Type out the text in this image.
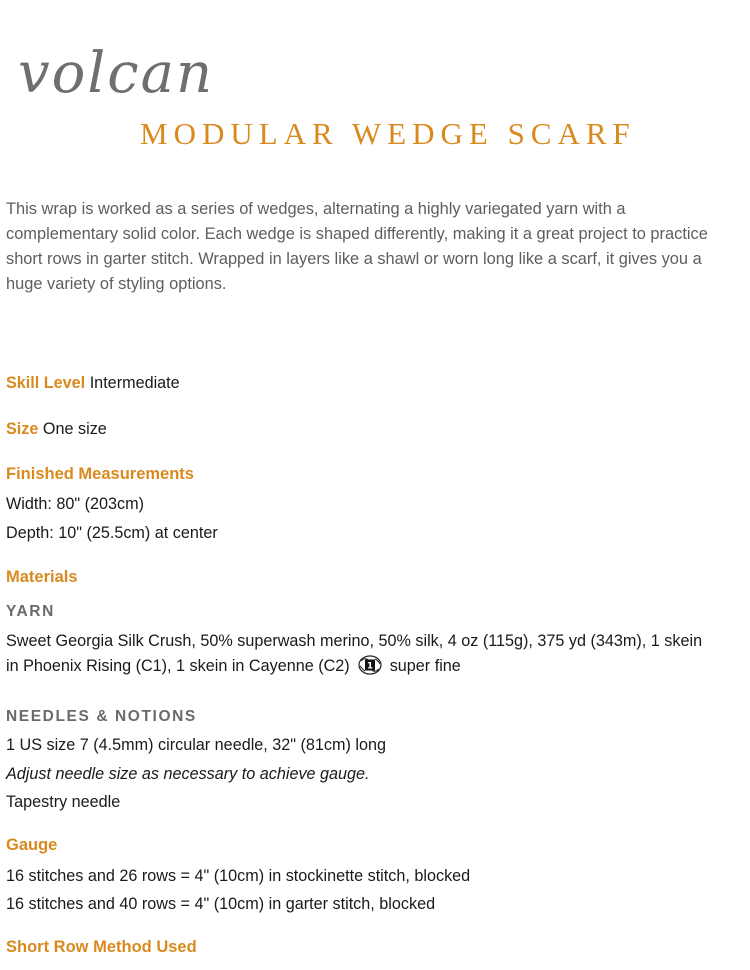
volcan
MODULAR WEDGE SCARF
This wrap is worked as a series of wedges, alternating a highly variegated yarn with a complementary solid color. Each wedge is shaped differently, making it a great project to practice short rows in garter stitch. Wrapped in layers like a shawl or worn long like a scarf, it gives you a huge variety of styling options.
Skill Level Intermediate
Size One size
Finished Measurements
Width: 80" (203cm)
Depth: 10" (25.5cm) at center
Materials
YARN
Sweet Georgia Silk Crush, 50% superwash merino, 50% silk, 4 oz (115g), 375 yd (343m), 1 skein
in Phoenix Rising (C1), 1 skein in Cayenne (C2) 1 super fine
NEEDLES & NOTIONS
1 US size 7 (4.5mm) circular needle, 32" (81cm) long
Adjust needle size as necessary to achieve gauge.
Tapestry needle
Gauge
16 stitches and 26 rows = 4" (10cm) in stockinette stitch, blocked
16 stitches and 40 rows = 4" (10cm) in garter stitch, blocked
Short Row Method Used
